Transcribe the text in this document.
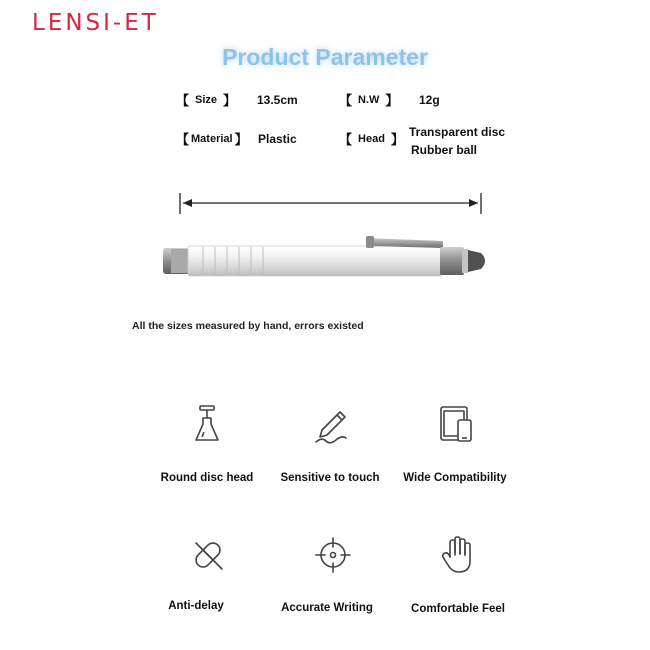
LENSI-ET
Product Parameter
【 Size 】 13.5cm	【 N.W 】 12g
【 Material 】 Plastic	【 Head 】 Transparent disc
Rubber ball
All the sizes measured by hand, errors existed
Round disc head	Sensitive to touch	Wide Compatibility
Anti-delay	Accurate Writing	Comfortable Feel
